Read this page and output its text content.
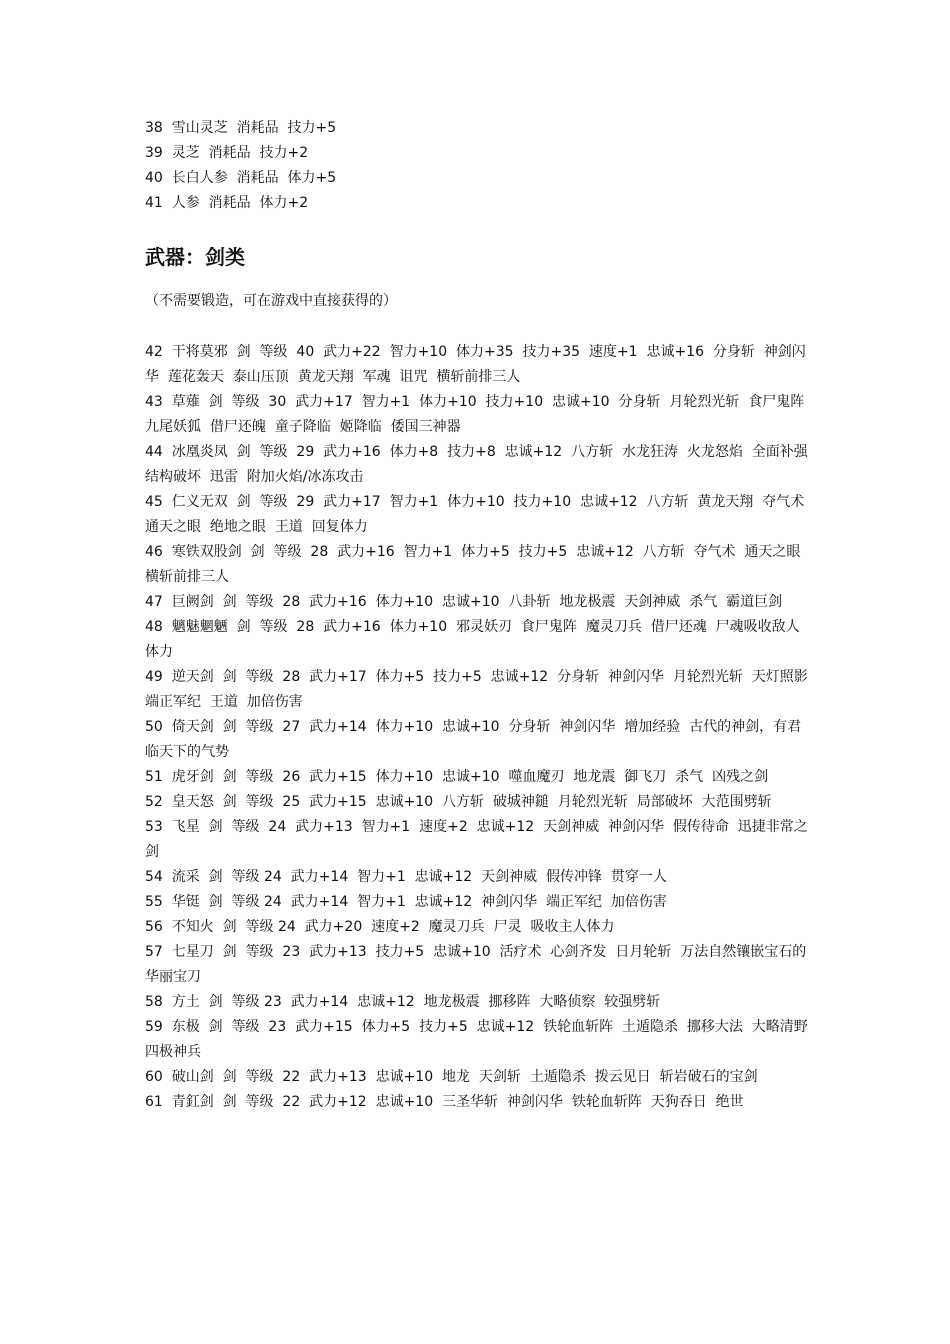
38  雪山灵芝  消耗品  技力+5
39  灵芝  消耗品  技力+2
40  长白人参  消耗品  体力+5
41  人参  消耗品  体力+2
武器：剑类
（不需要锻造，可在游戏中直接获得的）
42  干将莫邪  剑  等级  40  武力+22  智力+10  体力+35  技力+35  速度+1  忠诚+16  分身斩  神剑闪华  莲花轰天  泰山压顶  黄龙天翔  军魂  诅咒  横斩前排三人
43  草薙  剑  等级  30  武力+17  智力+1  体力+10  技力+10  忠诚+10  分身斩  月轮烈光斩  食尸鬼阵  九尾妖狐  借尸还魄  童子降临  姬降临  倭国三神器
44  冰凰炎凤  剑  等级  29  武力+16  体力+8  技力+8  忠诚+12  八方斩  水龙狂涛  火龙怒焰  全面补强  结构破坏  迅雷  附加火焰/冰冻攻击
45  仁义无双  剑  等级  29  武力+17  智力+1  体力+10  技力+10  忠诚+12  八方斩  黄龙天翔  夺气术  通天之眼  绝地之眼  王道  回复体力
46  寒铁双股剑  剑  等级  28  武力+16  智力+1  体力+5  技力+5  忠诚+12  八方斩  夺气术  通天之眼  横斩前排三人
47  巨阙剑  剑  等级  28  武力+16  体力+10  忠诚+10  八卦斩  地龙极震  天剑神威  杀气  霸道巨剑
48  魑魅魍魉  剑  等级  28  武力+16  体力+10  邪灵妖刃  食尸鬼阵  魔灵刀兵  借尸还魂  尸魂吸收敌人体力
49  逆天剑  剑  等级  28  武力+17  体力+5  技力+5  忠诚+12  分身斩  神剑闪华  月轮烈光斩  天灯照影  端正军纪  王道  加倍伤害
50  倚天剑  剑  等级  27  武力+14  体力+10  忠诚+10  分身斩  神剑闪华  增加经验  古代的神剑，有君临天下的气势
51  虎牙剑  剑  等级  26  武力+15  体力+10  忠诚+10  噬血魔刃  地龙震  御飞刀  杀气  凶残之剑
52  皇天怒  剑  等级  25  武力+15  忠诚+10  八方斩  破城神鎚  月轮烈光斩  局部破坏  大范围劈斩
53  飞星  剑  等级  24  武力+13  智力+1  速度+2  忠诚+12  天剑神威  神剑闪华  假传待命  迅捷非常之剑
54  流采  剑  等级 24  武力+14  智力+1  忠诚+12  天剑神威  假传冲锋  贯穿一人
55  华铤  剑  等级 24  武力+14  智力+1  忠诚+12  神剑闪华  端正军纪  加倍伤害
56  不知火  剑  等级 24  武力+20  速度+2  魔灵刀兵  尸灵  吸收主人体力
57  七星刀  剑  等级  23  武力+13  技力+5  忠诚+10  活疗术  心剑齐发  日月轮斩  万法自然镶嵌宝石的华丽宝刀
58  方土  剑  等级 23  武力+14  忠诚+12  地龙极震  挪移阵  大略侦察  较强劈斩
59  东极  剑  等级  23  武力+15  体力+5  技力+5  忠诚+12  铁轮血斩阵  土遁隐杀  挪移大法  大略清野  四极神兵
60  破山剑  剑  等级  22  武力+13  忠诚+10  地龙  天剑斩  土遁隐杀  拨云见日  斩岩破石的宝剑
61  青釭剑  剑  等级  22  武力+12  忠诚+10  三圣华斩  神剑闪华  铁轮血斩阵  天狗吞日  绝世
